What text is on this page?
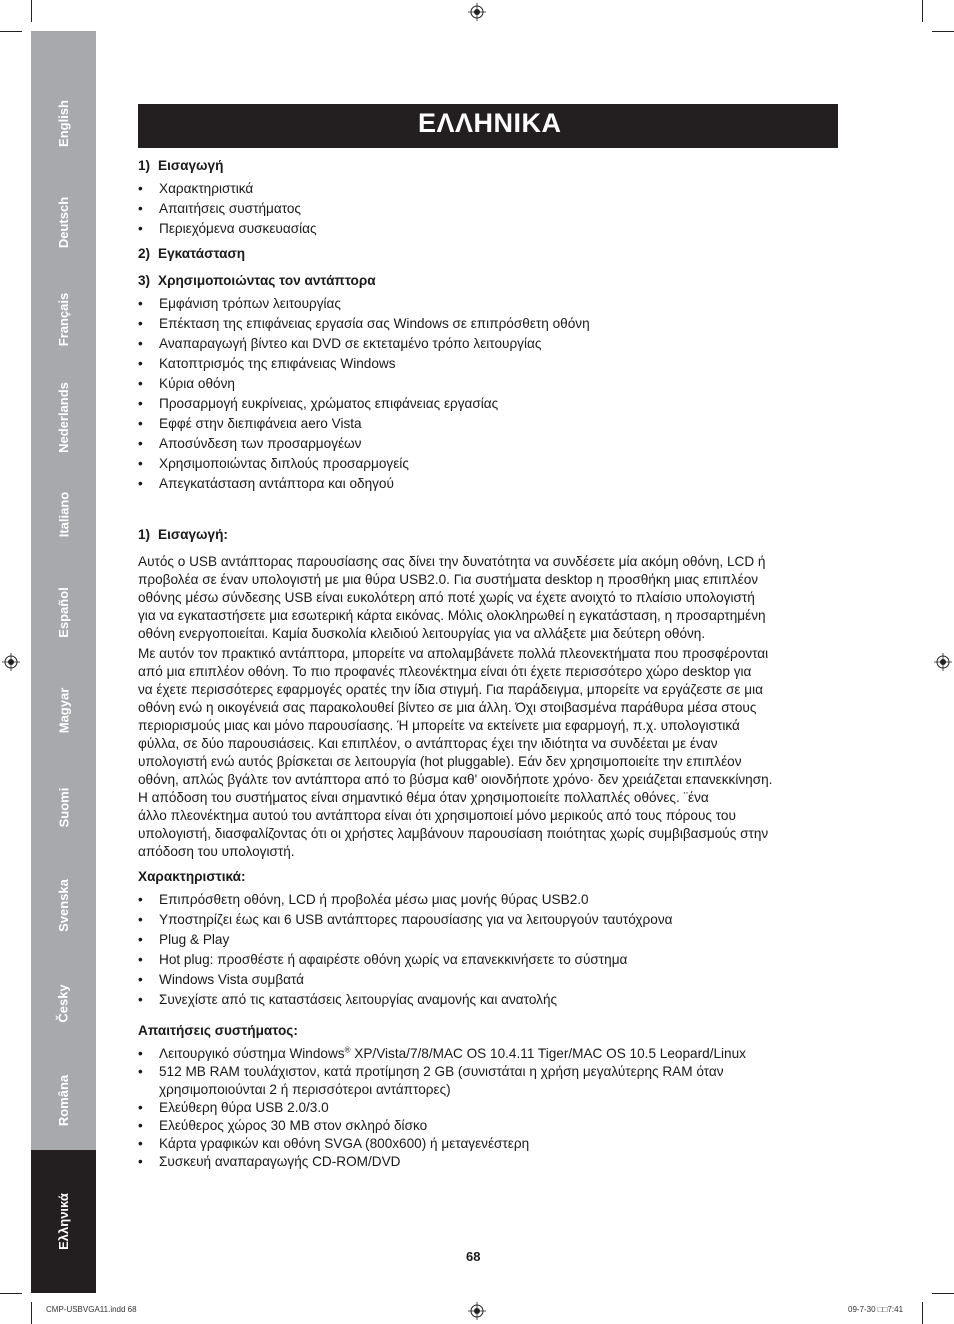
English
Deutsch
Français
Nederlands
Italiano
Español
Magyar
Suomi
Svenska
Česky
Româna
Ελληνικά
ΕΛΛΗΝΙΚΑ
1) Εισαγωγή
• Χαρακτηριστικά
• Απαιτήσεις συστήματος
• Περιεχόμενα συσκευασίας
2) Εγκατάσταση
3) Χρησιμοποιώντας τον αντάπτορα
• Εμφάνιση τρόπων λειτουργίας
• Επέκταση της επιφάνειας εργασία σας Windows σε επιπρόσθετη οθόνη
• Αναπαραγωγή βίντεο και DVD σε εκτεταμένο τρόπο λειτουργίας
• Κατοπτρισμός της επιφάνειας Windows
• Κύρια οθόνη
• Προσαρμογή ευκρίνειας, χρώματος επιφάνειας εργασίας
• Εφφέ στην διεπιφάνεια aero Vista
• Αποσύνδεση των προσαρμογέων
• Χρησιμοποιώντας διπλούς προσαρμογείς
• Απεγκατάσταση αντάπτορα και οδηγού
1) Εισαγωγή:
Αυτός ο USB αντάπτορας παρουσίασης σας δίνει την δυνατότητα να συνδέσετε μία ακόμη οθόνη, LCD ή
προβολέα σε έναν υπολογιστή με μια θύρα USB2.0. Για συστήματα desktop η προσθήκη μιας επιπλέον
οθόνης μέσω σύνδεσης USB είναι ευκολότερη από ποτέ χωρίς να έχετε ανοιχτό το πλαίσιο υπολογιστή
για να εγκαταστήσετε μια εσωτερική κάρτα εικόνας. Μόλις ολοκληρωθεί η εγκατάσταση, η προσαρτημένη
οθόνη ενεργοποιείται. Καμία δυσκολία κλειδιού λειτουργίας για να αλλάξετε μια δεύτερη οθόνη.
Με αυτόν τον πρακτικό αντάπτορα, μπορείτε να απολαμβάνετε πολλά πλεονεκτήματα που προσφέρονται
από μια επιπλέον οθόνη. Το πιο προφανές πλεονέκτημα είναι ότι έχετε περισσότερο χώρο desktop για
να έχετε περισσότερες εφαρμογές ορατές την ίδια στιγμή. Για παράδειγμα, μπορείτε να εργάζεστε σε μια
οθόνη ενώ η οικογένειά σας παρακολουθεί βίντεο σε μια άλλη. Όχι στοιβασμένα παράθυρα μέσα στους
περιορισμούς μιας και μόνο παρουσίασης. Ή μπορείτε να εκτείνετε μια εφαρμογή, π.χ. υπολογιστικά
φύλλα, σε δύο παρουσιάσεις. Και επιπλέον, ο αντάπτορας έχει την ιδιότητα να συνδέεται με έναν
υπολογιστή ενώ αυτός βρίσκεται σε λειτουργία (hot pluggable). Εάν δεν χρησιμοποιείτε την επιπλέον
οθόνη, απλώς βγάλτε τον αντάπτορα από το βύσμα καθ' οιονδήποτε χρόνο· δεν χρειάζεται επανεκκίνηση.
Η απόδοση του συστήματος είναι σημαντικό θέμα όταν χρησιμοποιείτε πολλαπλές οθόνες. ¨ένα
άλλο πλεονέκτημα αυτού του αντάπτορα είναι ότι χρησιμοποιεί μόνο μερικούς από τους πόρους του
υπολογιστή, διασφαλίζοντας ότι οι χρήστες λαμβάνουν παρουσίαση ποιότητας χωρίς συμβιβασμούς στην
απόδοση του υπολογιστή.
Χαρακτηριστικά:
• Επιπρόσθετη οθόνη, LCD ή προβολέα μέσω μιας μονής θύρας USB2.0
• Υποστηρίζει έως και 6 USB αντάπτορες παρουσίασης για να λειτουργούν ταυτόχρονα
• Plug & Play
• Hot plug: προσθέστε ή αφαιρέστε οθόνη χωρίς να επανεκκινήσετε το σύστημα
• Windows Vista συμβατά
• Συνεχίστε από τις καταστάσεις λειτουργίας αναμονής και ανατολής
Απαιτήσεις συστήματος:
• Λειτουργικό σύστημα Windows® XP/Vista/7/8/MAC OS 10.4.11 Tiger/MAC OS 10.5 Leopard/Linux
• 512 MB RAM τουλάχιστον, κατά προτίμηση 2 GB (συνιστάται η χρήση μεγαλύτερης RAM όταν
χρησιμοποιούνται 2 ή περισσότεροι αντάπτορες)
• Ελεύθερη θύρα USB 2.0/3.0
• Ελεύθερος χώρος 30 MB στον σκληρό δίσκο
• Κάρτα γραφικών και οθόνη SVGA (800x600) ή μεταγενέστερη
• Συσκευή αναπαραγωγής CD-ROM/DVD
68
CMP-USBVGA11.indd 68	09-7-30 □□7:41
